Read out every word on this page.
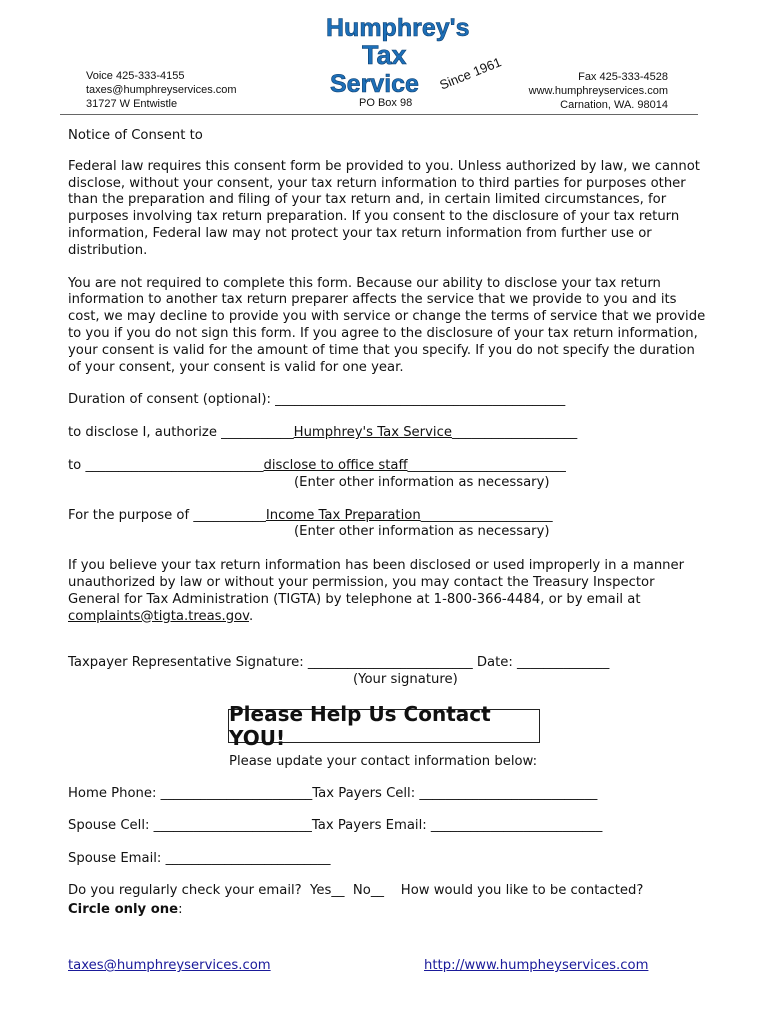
Voice 425-333-4155
taxes@humphreyservices.com
31727 W Entwistle
Humphrey's
Tax
Service Since 1961
PO Box 98
Fax 425-333-4528
www.humphreyservices.com
Carnation, WA. 98014

Notice of Consent to

Federal law requires this consent form be provided to you. Unless authorized by law, we cannot disclose, without your consent, your tax return information to third parties for purposes other than the preparation and filing of your tax return and, in certain limited circumstances, for purposes involving tax return preparation. If you consent to the disclosure of your tax return information, Federal law may not protect your tax return information from further use or distribution.

You are not required to complete this form. Because our ability to disclose your tax return information to another tax return preparer affects the service that we provide to you and its cost, we may decline to provide you with service or change the terms of service that we provide to you if you do not sign this form. If you agree to the disclosure of your tax return information, your consent is valid for the amount of time that you specify. If you do not specify the duration of your consent, your consent is valid for one year.

Duration of consent (optional): ____________________________________________

to disclose I, authorize ___________Humphrey's Tax Service___________________

to ___________________________disclose to office staff________________________

(Enter other information as necessary)

For the purpose of ___________Income Tax Preparation____________________

(Enter other information as necessary)

If you believe your tax return information has been disclosed or used improperly in a manner unauthorized by law or without your permission, you may contact the Treasury Inspector General for Tax Administration (TIGTA) by telephone at 1-800-366-4484, or by email at complaints@tigta.treas.gov.

Taxpayer Representative Signature: _________________________ Date: ______________

(Your signature)

Please Help Us Contact YOU!
Please update your contact information below:
Home Phone: _______________________Tax Payers Cell: ___________________________
Spouse Cell: ________________________Tax Payers Email: __________________________
Spouse Email: _________________________
Do you regularly check your email?  Yes__  No__    How would you like to be contacted?
Circle only one:
taxes@humphreyservices.com	http://www.humpheyservices.com
